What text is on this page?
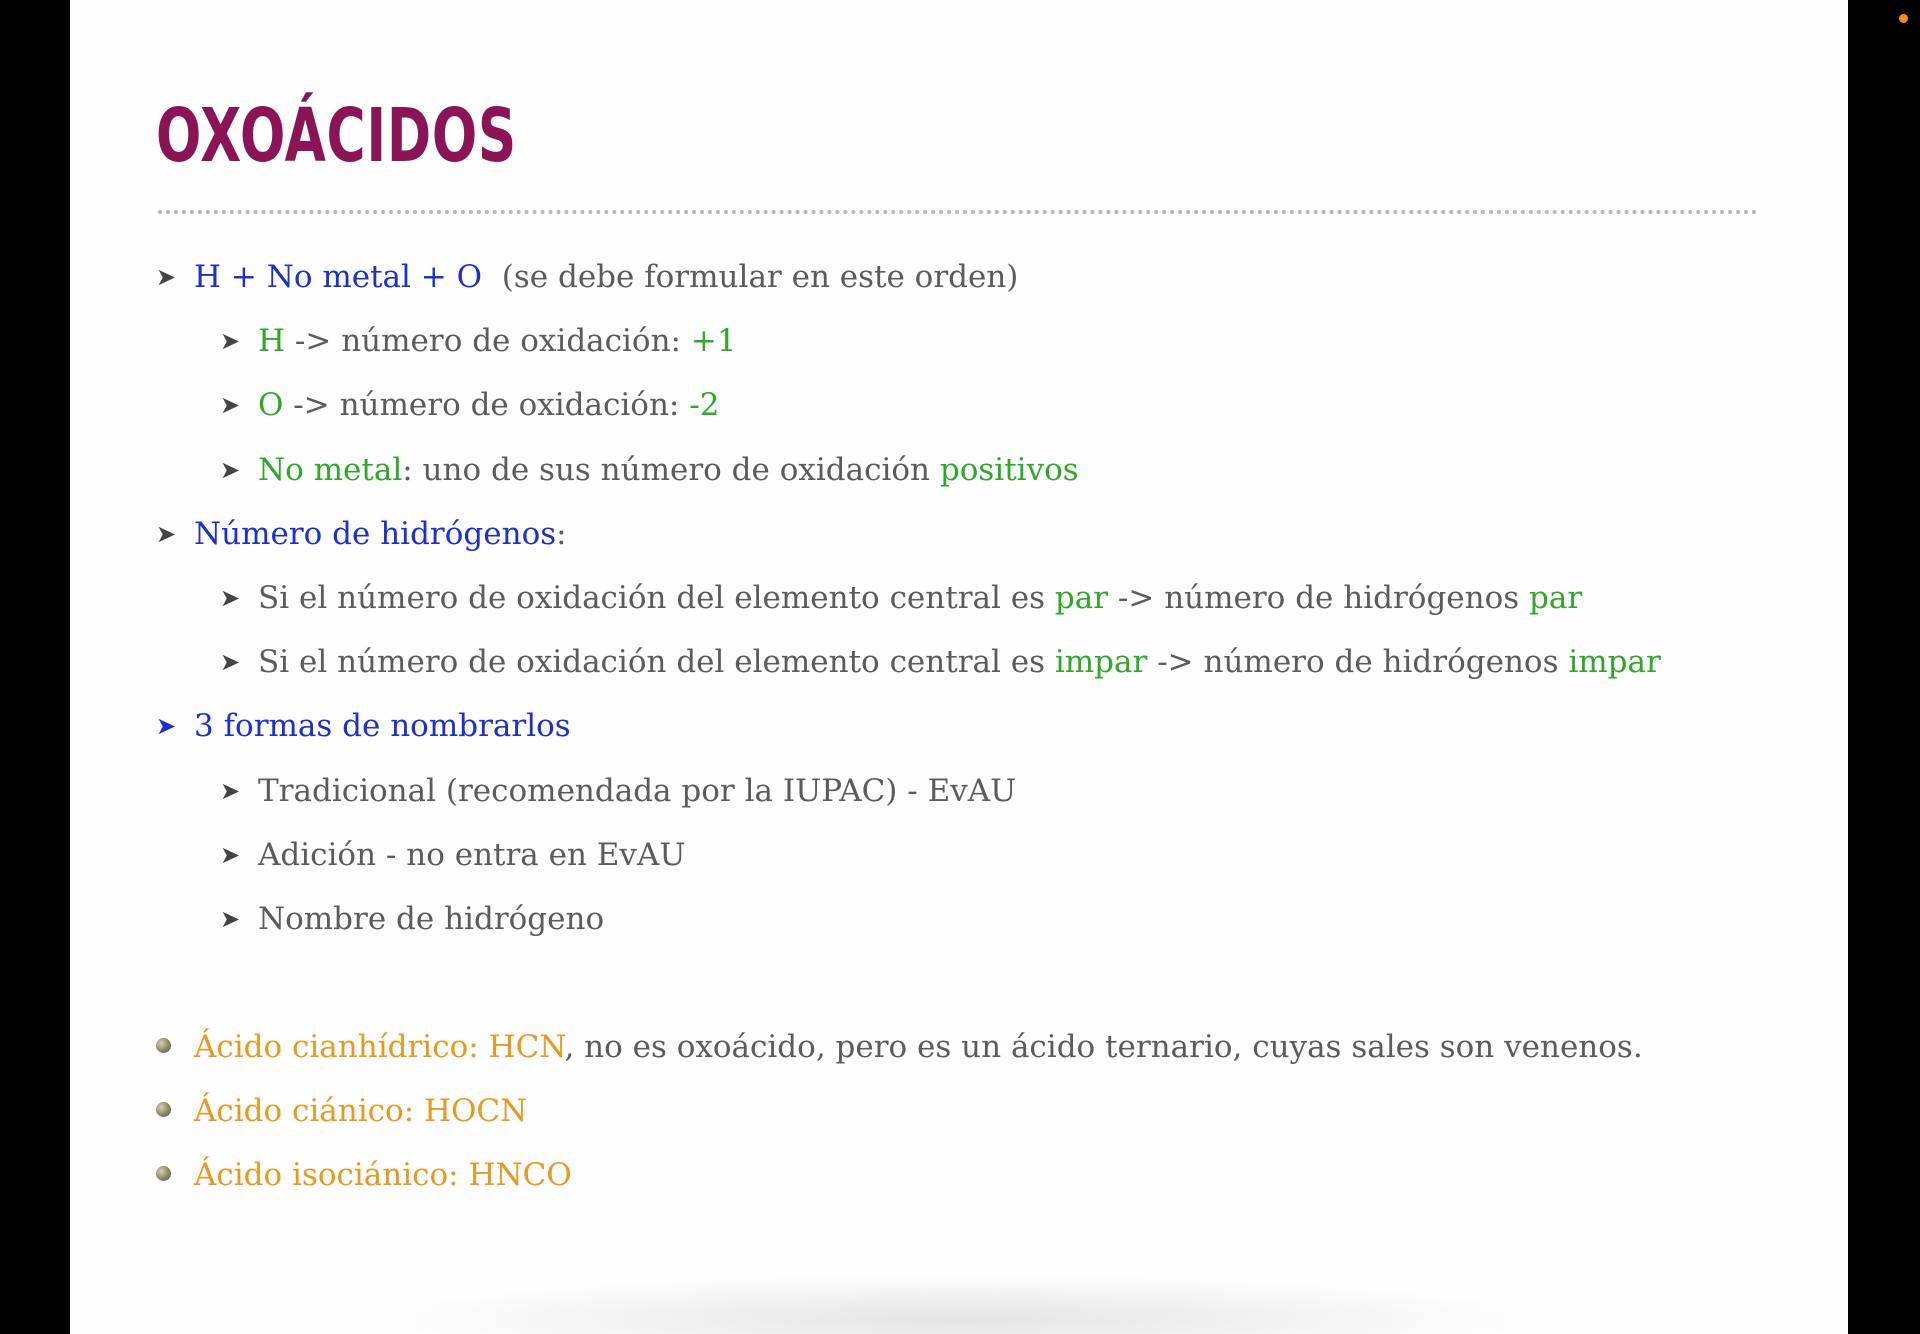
OXOÁCIDOS
➤ H + No metal + O  (se debe formular en este orden)
➤ H -> número de oxidación: +1
➤ O -> número de oxidación: -2
➤ No metal: uno de sus número de oxidación positivos
➤ Número de hidrógenos:
➤ Si el número de oxidación del elemento central es par -> número de hidrógenos par
➤ Si el número de oxidación del elemento central es impar -> número de hidrógenos impar
➤ 3 formas de nombrarlos
➤ Tradicional (recomendada por la IUPAC) - EvAU
➤ Adición - no entra en EvAU
➤ Nombre de hidrógeno
Ácido cianhídrico: HCN, no es oxoácido, pero es un ácido ternario, cuyas sales son venenos.
Ácido ciánico: HOCN
Ácido isociánico: HNCO
